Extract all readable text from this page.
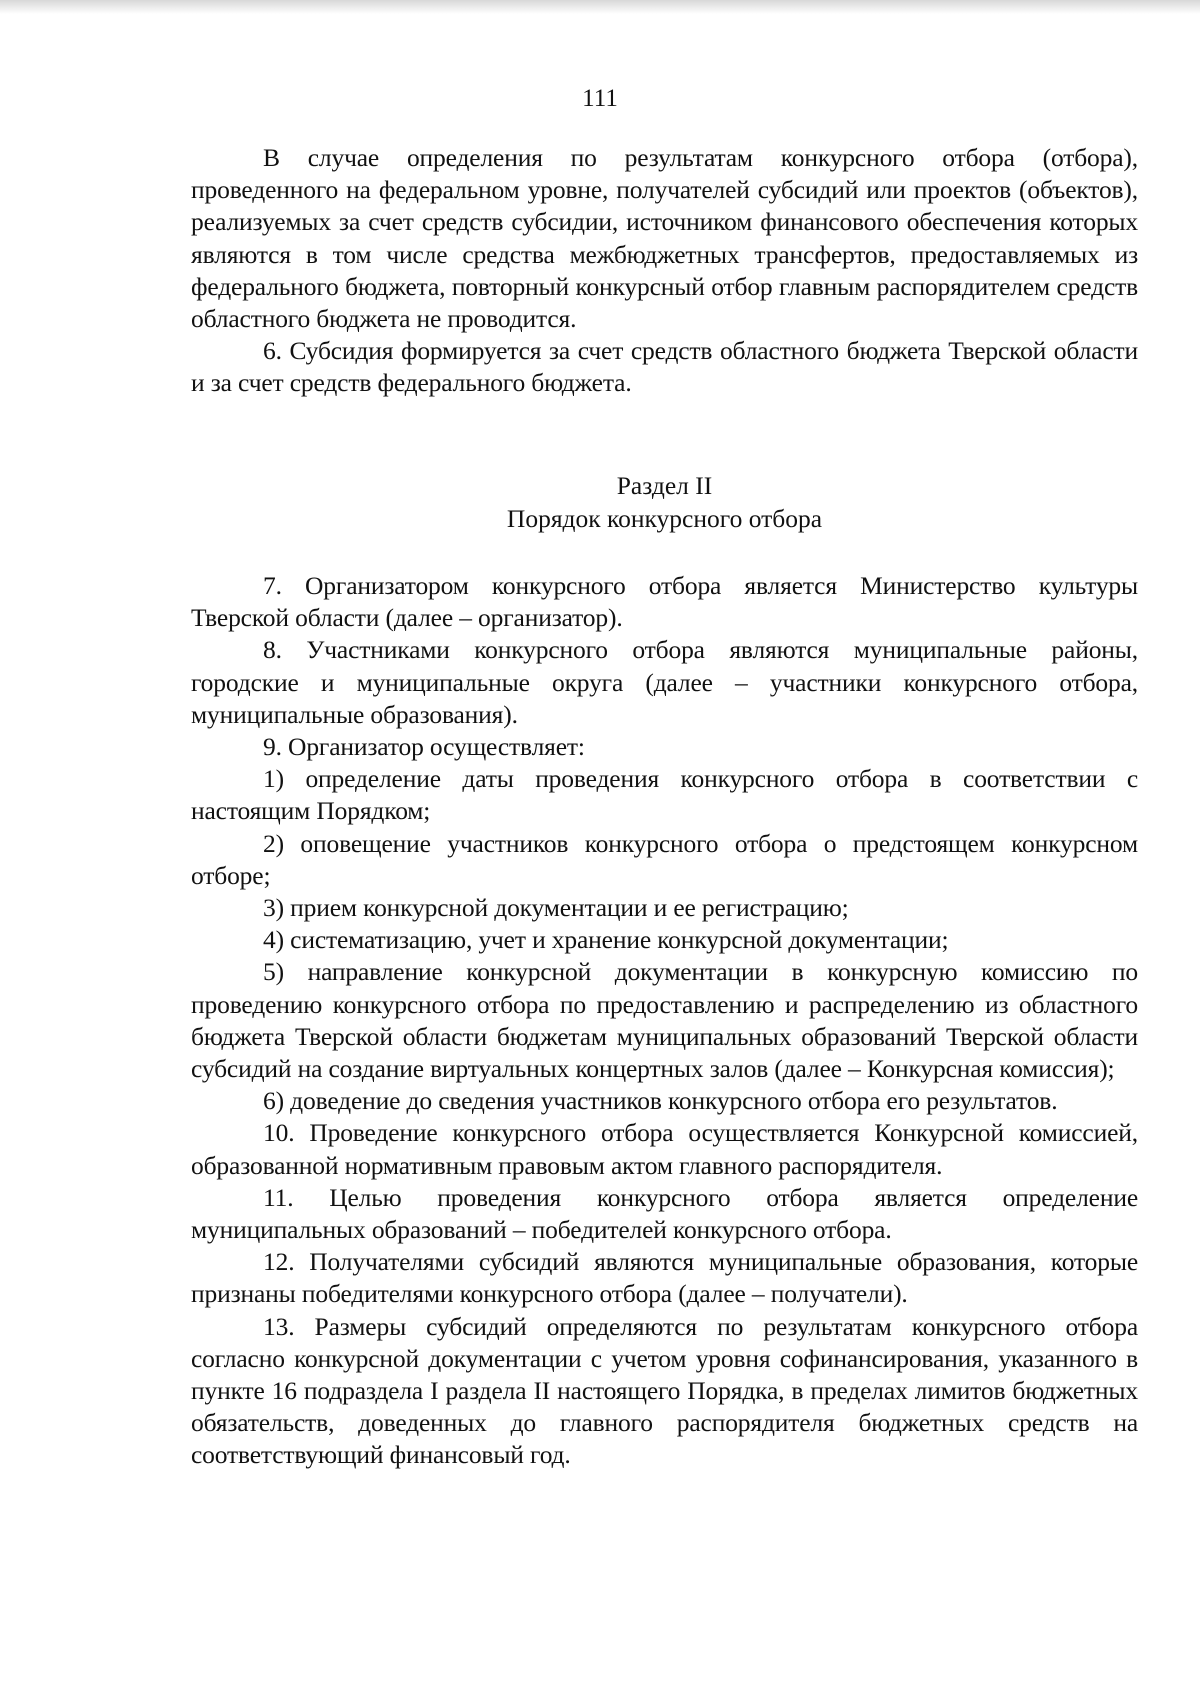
111

В случае определения по результатам конкурсного отбора (отбора), проведенного на федеральном уровне, получателей субсидий или проектов (объектов), реализуемых за счет средств субсидии, источником финансового обеспечения которых являются в том числе средства межбюджетных трансфертов, предоставляемых из федерального бюджета, повторный конкурсный отбор главным распорядителем средств областного бюджета не проводится.

6. Субсидия формируется за счет средств областного бюджета Тверской области и за счет средств федерального бюджета.

Раздел II
Порядок конкурсного отбора

7. Организатором конкурсного отбора является Министерство культуры Тверской области (далее – организатор).

8. Участниками конкурсного отбора являются муниципальные районы, городские и муниципальные округа (далее – участники конкурсного отбора, муниципальные образования).

9. Организатор осуществляет:

1) определение даты проведения конкурсного отбора в соответствии с настоящим Порядком;

2) оповещение участников конкурсного отбора о предстоящем конкурсном отборе;

3) прием конкурсной документации и ее регистрацию;

4) систематизацию, учет и хранение конкурсной документации;

5) направление конкурсной документации в конкурсную комиссию по проведению конкурсного отбора по предоставлению и распределению из областного бюджета Тверской области бюджетам муниципальных образований Тверской области субсидий на создание виртуальных концертных залов (далее – Конкурсная комиссия);

6) доведение до сведения участников конкурсного отбора его результатов.

10. Проведение конкурсного отбора осуществляется Конкурсной комиссией, образованной нормативным правовым актом главного распорядителя.

11. Целью проведения конкурсного отбора является определение муниципальных образований – победителей конкурсного отбора.

12. Получателями субсидий являются муниципальные образования, которые признаны победителями конкурсного отбора (далее – получатели).

13. Размеры субсидий определяются по результатам конкурсного отбора согласно конкурсной документации с учетом уровня софинансирования, указанного в пункте 16 подраздела I раздела II настоящего Порядка, в пределах лимитов бюджетных обязательств, доведенных до главного распорядителя бюджетных средств на соответствующий финансовый год.
